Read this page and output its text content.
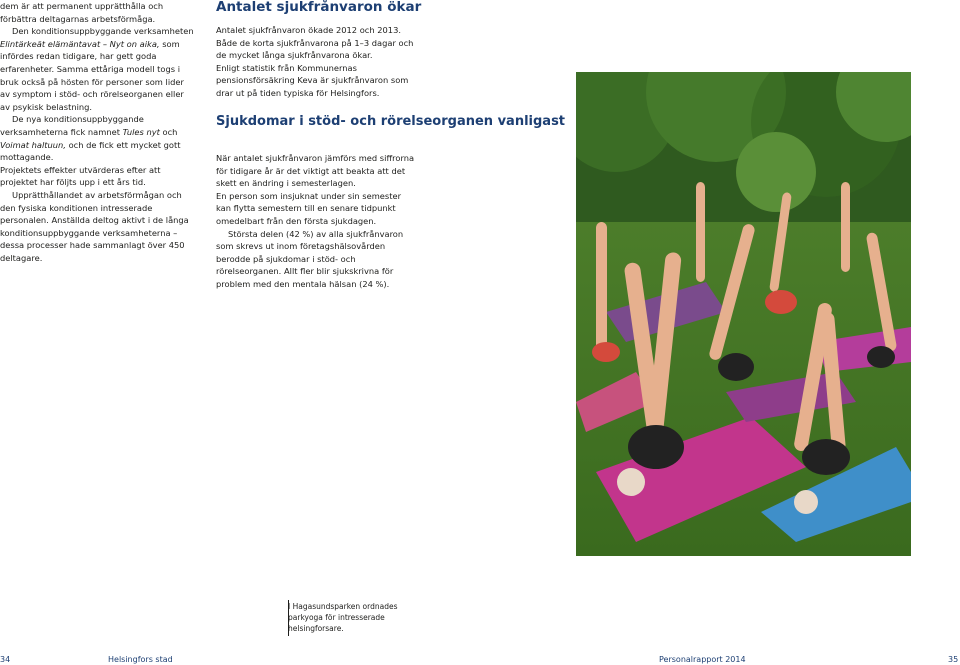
dem är att permanent upprätthålla och förbättra deltagarnas arbetsförmåga.

Den konditionsuppbyggande verksamheten Elintärkeät elämäntavat – Nyt on aika, som infördes redan tidigare, har gett goda erfarenheter. Samma ettåriga modell togs i bruk också på hösten för personer som lider av symptom i stöd- och rörelseorganen eller av psykisk belastning.

De nya konditionsuppbyggande verksamheterna fick namnet Tules nyt och Voimat haltuun, och de fick ett mycket gott mottagande.

Projektets effekter utvärderas efter att projektet har följts upp i ett års tid.

Upprätthållandet av arbetsförmågan och den fysiska konditionen intresserade personalen. Anställda deltog aktivt i de långa konditionsuppbyggande verksamheterna – dessa processer hade sammanlagt över 450 deltagare.

Antalet sjukfrånvaron ökar

Antalet sjukfrånvaron ökade 2012 och 2013. Både de korta sjukfrånvarona på 1–3 dagar och de mycket långa sjukfrånvarona ökar.

Enligt statistik från Kommunernas pensionsförsäkring Keva är sjukfrånvaron som drar ut på tiden typiska för Helsingfors.

Sjukdomar i stöd- och rörelseorganen vanligast

När antalet sjukfrånvaron jämförs med siffrorna för tidigare år är det viktigt att beakta att det skett en ändring i semesterlagen.

En person som insjuknat under sin semester kan flytta semestern till en senare tidpunkt omedelbart från den första sjukdagen.

Största delen (42 %) av alla sjukfrånvaron som skrevs ut inom företagshälsovården berodde på sjukdomar i stöd- och rörelseorganen. Allt fler blir sjukskrivna för problem med den mentala hälsan (24 %).

I Hagasundsparken ordnades parkyoga för intresserade helsingforsare.

34	Helsingfors stad	Personalrapport 2014	35
